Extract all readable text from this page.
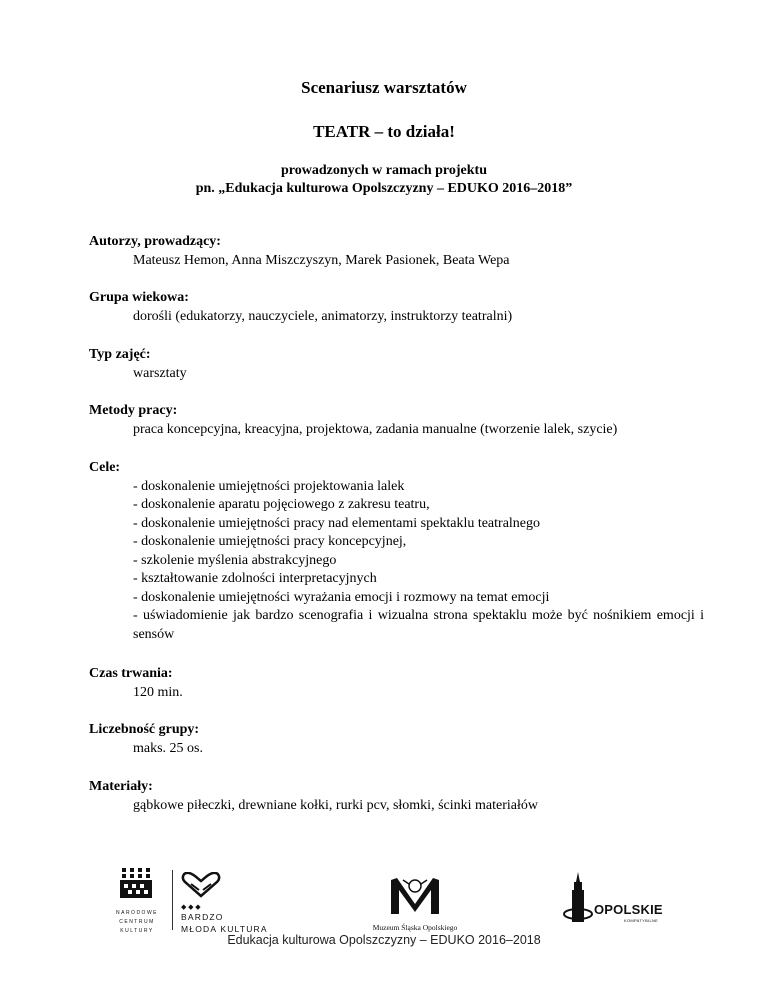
Scenariusz warsztatów
TEATR – to działa!
prowadzonych w ramach projektu
pn. „Edukacja kulturowa Opolszczyzny – EDUKO 2016–2018”
Autorzy, prowadzący:
Mateusz Hemon, Anna Miszczyszyn, Marek Pasionek, Beata Wepa
Grupa wiekowa:
dorośli (edukatorzy, nauczyciele, animatorzy, instruktorzy teatralni)
Typ zajęć:
warsztaty
Metody pracy:
praca koncepcyjna, kreacyjna, projektowa, zadania manualne (tworzenie lalek, szycie)
Cele:
- doskonalenie umiejętności projektowania lalek
- doskonalenie aparatu pojęciowego z zakresu teatru,
- doskonalenie umiejętności pracy nad elementami spektaklu teatralnego
- doskonalenie umiejętności pracy koncepcyjnej,
- szkolenie myślenia abstrakcyjnego
- kształtowanie zdolności interpretacyjnych
- doskonalenie umiejętności wyrażania emocji i rozmowy na temat emocji
- uświadomienie jak bardzo scenografia i wizualna strona spektaklu może być nośnikiem emocji i sensów
Czas trwania:
120 min.
Liczebność grupy:
maks. 25 os.
Materiały:
gąbkowe piłeczki, drewniane kołki, rurki pcv, słomki, ścinki materiałów
NARODOWE
CENTRUM
KULTURY
◆ ◆ ◆
BARDZO
MŁODA KULTURA	Muzeum Śląska Opolskiego
OPOLSKIE
KOMPATYBILNE
Edukacja kulturowa Opolszczyzny – EDUKO 2016–2018
